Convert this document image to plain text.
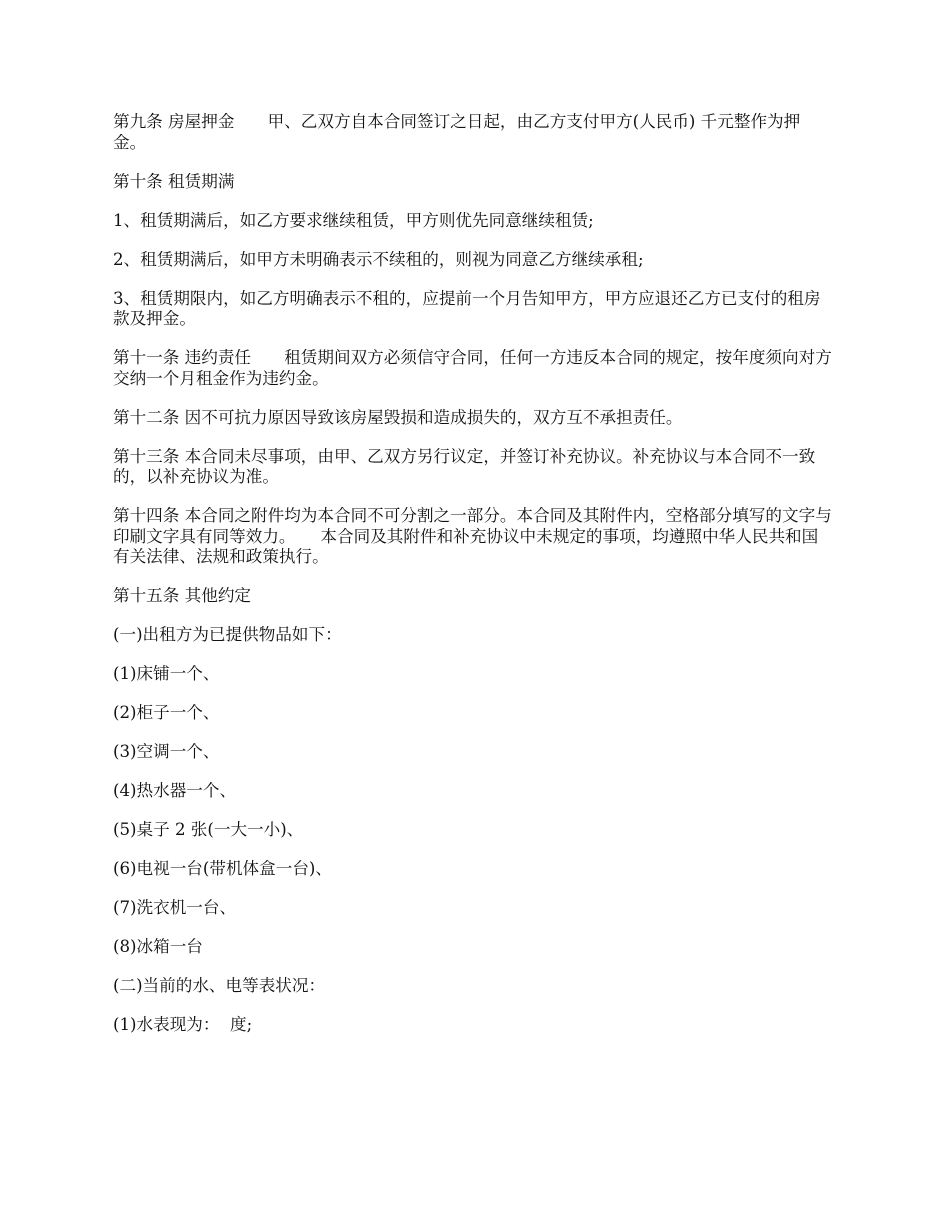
第九条 房屋押金　　甲、乙双方自本合同签订之日起，由乙方支付甲方(人民币) 千元整作为押金。

第十条 租赁期满

1、租赁期满后，如乙方要求继续租赁，甲方则优先同意继续租赁;

2、租赁期满后，如甲方未明确表示不续租的，则视为同意乙方继续承租;

3、租赁期限内，如乙方明确表示不租的，应提前一个月告知甲方，甲方应退还乙方已支付的租房款及押金。

第十一条 违约责任　　租赁期间双方必须信守合同，任何一方违反本合同的规定，按年度须向对方交纳一个月租金作为违约金。

第十二条 因不可抗力原因导致该房屋毁损和造成损失的，双方互不承担责任。

第十三条 本合同未尽事项，由甲、乙双方另行议定，并签订补充协议。补充协议与本合同不一致的，以补充协议为准。

第十四条 本合同之附件均为本合同不可分割之一部分。本合同及其附件内，空格部分填写的文字与印刷文字具有同等效力。　　本合同及其附件和补充协议中未规定的事项，均遵照中华人民共和国有关法律、法规和政策执行。

第十五条 其他约定

(一)出租方为已提供物品如下：

(1)床铺一个、

(2)柜子一个、

(3)空调一个、

(4)热水器一个、

(5)桌子 2 张(一大一小)、

(6)电视一台(带机体盒一台)、

(7)洗衣机一台、

(8)冰箱一台

(二)当前的水、电等表状况：

(1)水表现为：  度;
